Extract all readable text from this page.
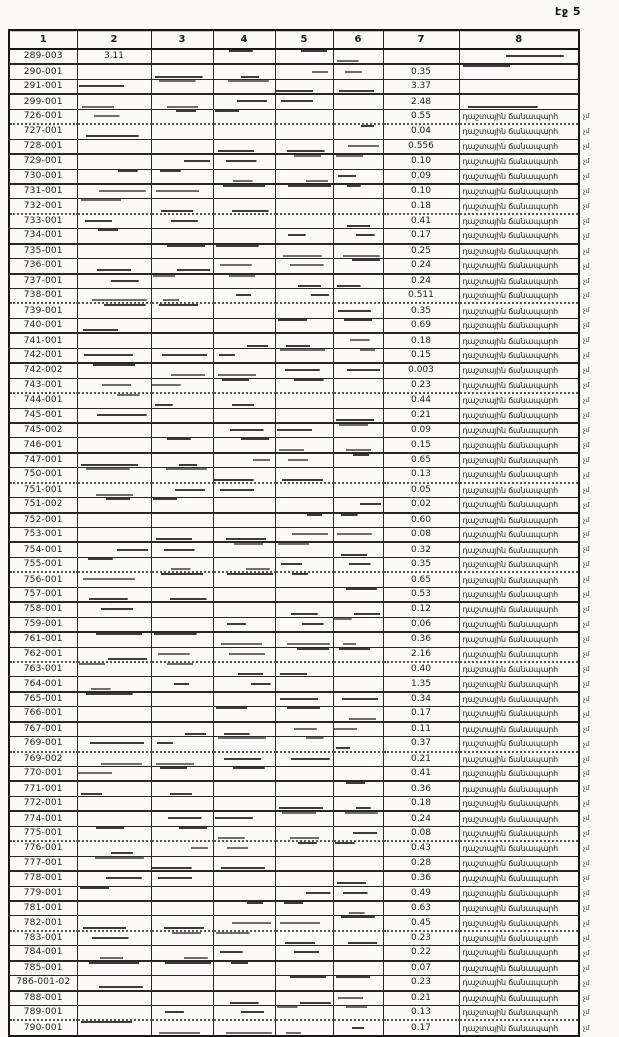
էջ 5
1	2	3	4	5	6	7	8	
289-003	3.11							
290-001						0.35		
291-001						3.37		
299-001						2.48		
726-001						0.55	դաշտային ճանապարհ	չմ
727-001						0.04	դաշտային ճանապարհ	չմ
728-001						0.556	դաշտային ճանապարհ	չմ
729-001						0.10	դաշտային ճանապարհ	չմ
730-001						0.09	դաշտային ճանապարհ	չմ
731-001						0.10	դաշտային ճանապարհ	չմ
732-001						0.18	դաշտային ճանապարհ	չմ
733-001						0.41	դաշտային ճանապարհ	չմ
734-001						0.17	դաշտային ճանապարհ	չմ
735-001						0.25	դաշտային ճանապարհ	չմ
736-001						0.24	դաշտային ճանապարհ	չմ
737-001						0.24	դաշտային ճանապարհ	չմ
738-001						0.511	դաշտային ճանապարհ	չմ
739-001						0.35	դաշտային ճանապարհ	չմ
740-001						0.69	դաշտային ճանապարհ	չմ
741-001						0.18	դաշտային ճանապարհ	չմ
742-001						0.15	դաշտային ճանապարհ	չմ
742-002						0.003	դաշտային ճանապարհ	չմ
743-001						0.23	դաշտային ճանապարհ	չմ
744-001						0.44	դաշտային ճանապարհ	չմ
745-001						0.21	դաշտային ճանապարհ	չմ
745-002						0.09	դաշտային ճանապարհ	չմ
746-001						0.15	դաշտային ճանապարհ	չմ
747-001						0.65	դաշտային ճանապարհ	չմ
750-001						0.13	դաշտային ճանապարհ	չմ
751-001						0.05	դաշտային ճանապարհ	չմ
751-002						0.02	դաշտային ճանապարհ	չմ
752-001						0.60	դաշտային ճանապարհ	չմ
753-001						0.08	դաշտային ճանապարհ	չմ
754-001						0.32	դաշտային ճանապարհ	չմ
755-001						0.35	դաշտային ճանապարհ	չմ
756-001						0.65	դաշտային ճանապարհ	չմ
757-001						0.53	դաշտային ճանապարհ	չմ
758-001						0.12	դաշտային ճանապարհ	չմ
759-001						0.06	դաշտային ճանապարհ	չմ
761-001						0.36	դաշտային ճանապարհ	չմ
762-001						2.16	դաշտային ճանապարհ	չմ
763-001						0.40	դաշտային ճանապարհ	չմ
764-001						1.35	դաշտային ճանապարհ	չմ
765-001						0.34	դաշտային ճանապարհ	չմ
766-001						0.17	դաշտային ճանապարհ	չմ
767-001						0.11	դաշտային ճանապարհ	չմ
769-001						0.37	դաշտային ճանապարհ	չմ
769-002						0.21	դաշտային ճանապարհ	չմ
770-001						0.41	դաշտային ճանապարհ	չմ
771-001						0.36	դաշտային ճանապարհ	չմ
772-001						0.18	դաշտային ճանապարհ	չմ
774-001						0.24	դաշտային ճանապարհ	չմ
775-001						0.08	դաշտային ճանապարհ	չմ
776-001						0.43	դաշտային ճանապարհ	չմ
777-001						0.28	դաշտային ճանապարհ	չմ
778-001						0.36	դաշտային ճանապարհ	չմ
779-001						0.49	դաշտային ճանապարհ	չմ
781-001						0.63	դաշտային ճանապարհ	չմ
782-001						0.45	դաշտային ճանապարհ	չմ
783-001						0.23	դաշտային ճանապարհ	չմ
784-001						0.22	դաշտային ճանապարհ	չմ
785-001						0.07	դաշտային ճանապարհ	չմ
786-001-02						0.23	դաշտային ճանապարհ	չմ
788-001						0.21	դաշտային ճանապարհ	չմ
789-001						0.13	դաշտային ճանապարհ	չմ
790-001						0.17	դաշտային ճանապարհ	չմ
